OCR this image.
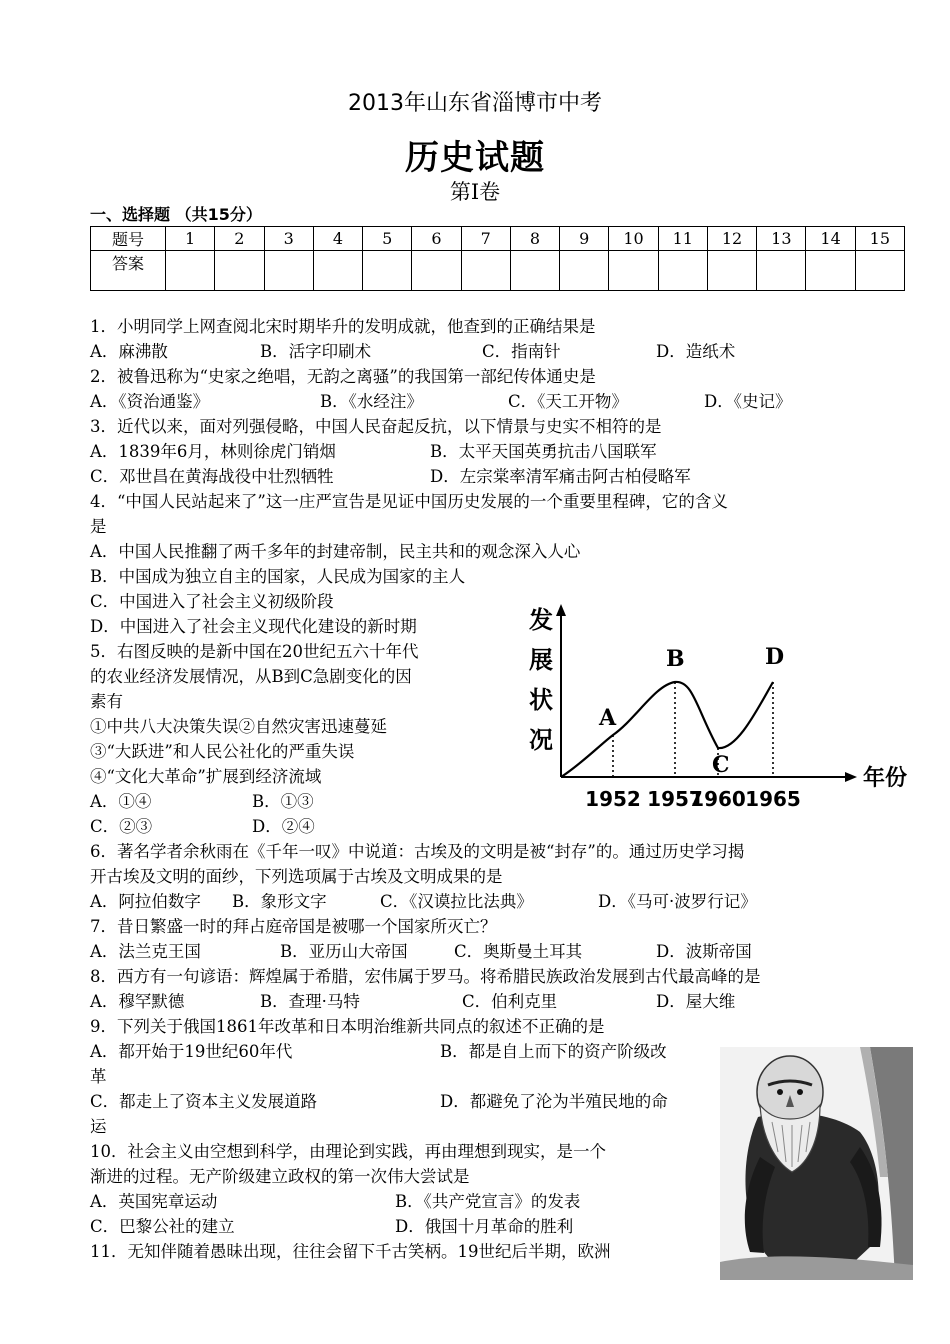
2013年山东省淄博市中考
历史试题
第Ⅰ卷
一、选择题 （共15分）
题号	1	2	3	4	5	6	7	8	9	10	11	12	13	14	15
答案															
1．小明同学上网查阅北宋时期毕升的发明成就，他查到的正确结果是
A．麻沸散	B．活字印刷术	C．指南针	D．造纸术
2．被鲁迅称为“史家之绝唱，无韵之离骚”的我国第一部纪传体通史是
A．《资治通鉴》	B．《水经注》	C．《天工开物》	D．《史记》
3．近代以来，面对列强侵略，中国人民奋起反抗，以下情景与史实不相符的是
A．1839年6月，林则徐虎门销烟	B．太平天国英勇抗击八国联军
C．邓世昌在黄海战役中壮烈牺牲	D．左宗棠率清军痛击阿古柏侵略军
4．“中国人民站起来了”这一庄严宣告是见证中国历史发展的一个重要里程碑，它的含义
是
A．中国人民推翻了两千多年的封建帝制，民主共和的观念深入人心
B．中国成为独立自主的国家，人民成为国家的主人
C．中国进入了社会主义初级阶段
D．中国进入了社会主义现代化建设的新时期
5．右图反映的是新中国在20世纪五六十年代
的农业经济发展情况，从B到C急剧变化的因
素有
①中共八大决策失误②自然灾害迅速蔓延
③“大跃进”和人民公社化的严重失误
④“文化大革命”扩展到经济流域
A．①④	B．①③
C．②③	D．②④
发
展
状
况
A
B
C
D
1952 1957
1960 1965
年份
6．著名学者余秋雨在《千年一叹》中说道：古埃及的文明是被“封存”的。通过历史学习揭
开古埃及文明的面纱，下列选项属于古埃及文明成果的是
A．阿拉伯数字 B．象形文字	C．《汉谟拉比法典》	D．《马可·波罗行记》
7．昔日繁盛一时的拜占庭帝国是被哪一个国家所灭亡？
A．法兰克王国	B．亚历山大帝国	C．奥斯曼土耳其	D．波斯帝国
8．西方有一句谚语：辉煌属于希腊，宏伟属于罗马。将希腊民族政治发展到古代最高峰的是
A．穆罕默德	B．查理·马特	C．伯利克里	D．屋大维
9．下列关于俄国1861年改革和日本明治维新共同点的叙述不正确的是
A．都开始于19世纪60年代	B．都是自上而下的资产阶级改
革
C．都走上了资本主义发展道路	D．都避免了沦为半殖民地的命
运
10．社会主义由空想到科学，由理论到实践，再由理想到现实，是一个
渐进的过程。无产阶级建立政权的第一次伟大尝试是
A．英国宪章运动	B．《共产党宣言》的发表
C．巴黎公社的建立	D．俄国十月革命的胜利
11．无知伴随着愚昧出现，往往会留下千古笑柄。19世纪后半期，欧洲
